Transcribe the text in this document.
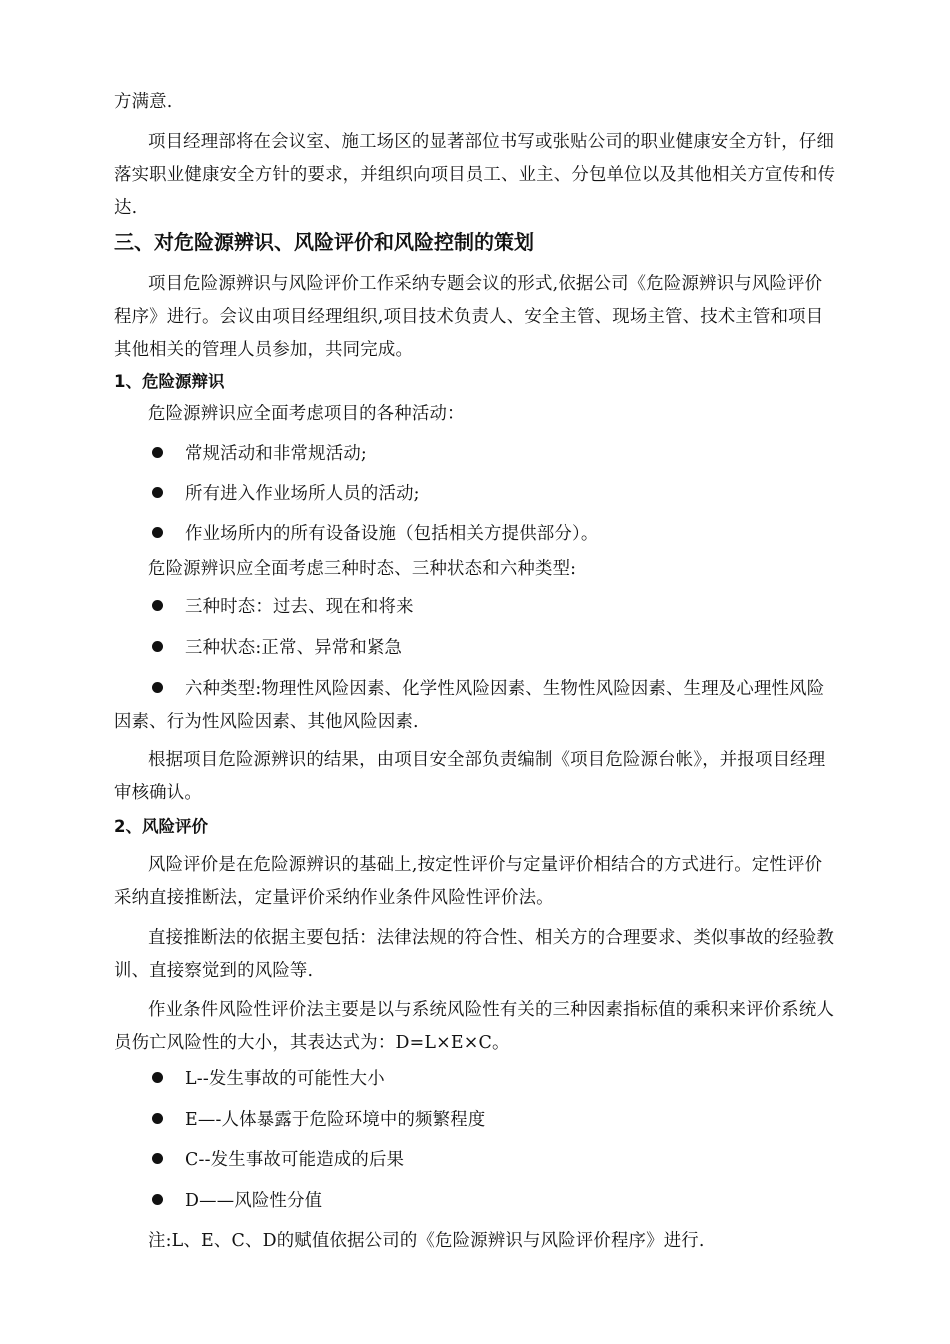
方满意.
项目经理部将在会议室、施工场区的显著部位书写或张贴公司的职业健康安全方针，仔细落实职业健康安全方针的要求，并组织向项目员工、业主、分包单位以及其他相关方宣传和传达.
三、对危险源辨识、风险评价和风险控制的策划
项目危险源辨识与风险评价工作采纳专题会议的形式,依据公司《危险源辨识与风险评价程序》进行。会议由项目经理组织,项目技术负责人、安全主管、现场主管、技术主管和项目其他相关的管理人员参加，共同完成。
1、危险源辩识
危险源辨识应全面考虑项目的各种活动：
常规活动和非常规活动;
所有进入作业场所人员的活动;
作业场所内的所有设备设施（包括相关方提供部分）。
危险源辨识应全面考虑三种时态、三种状态和六种类型:
三种时态：过去、现在和将来
三种状态:正常、异常和紧急
六种类型:物理性风险因素、化学性风险因素、生物性风险因素、生理及心理性风险因素、行为性风险因素、其他风险因素.
根据项目危险源辨识的结果，由项目安全部负责编制《项目危险源台帐》，并报项目经理审核确认。
2、风险评价
风险评价是在危险源辨识的基础上,按定性评价与定量评价相结合的方式进行。定性评价采纳直接推断法，定量评价采纳作业条件风险性评价法。
直接推断法的依据主要包括：法律法规的符合性、相关方的合理要求、类似事故的经验教训、直接察觉到的风险等.
作业条件风险性评价法主要是以与系统风险性有关的三种因素指标值的乘积来评价系统人员伤亡风险性的大小，其表达式为：D=L×E×C。
L--发生事故的可能性大小
E—-人体暴露于危险环境中的频繁程度
C--发生事故可能造成的后果
D——风险性分值
注:L、E、C、D的赋值依据公司的《危险源辨识与风险评价程序》进行.
